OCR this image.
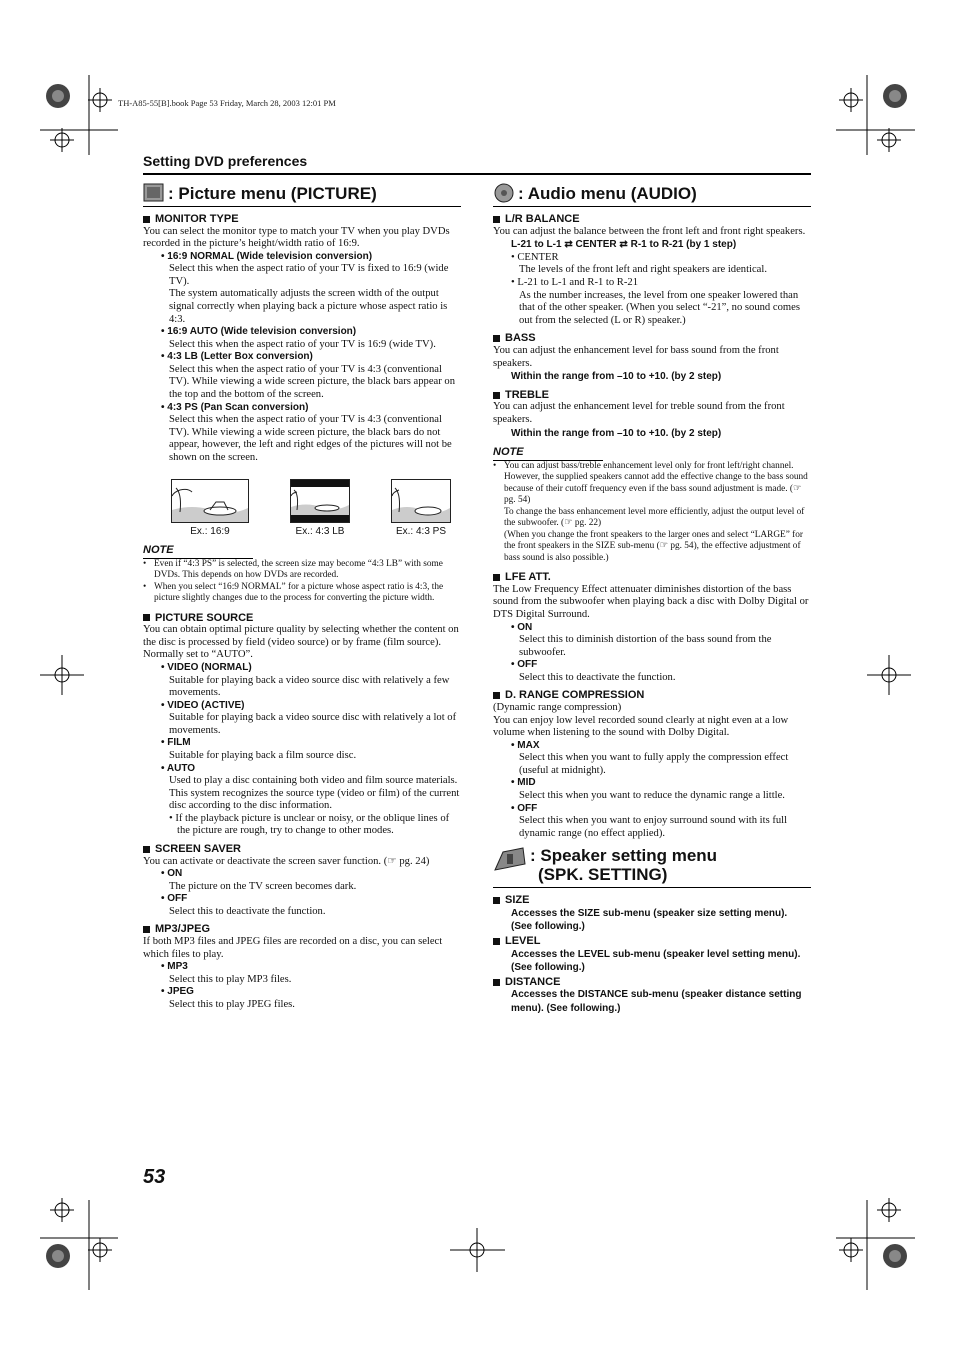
TH-A85-55[B].book Page 53 Friday, March 28, 2003 12:01 PM
Setting DVD preferences
: Picture menu (PICTURE)
MONITOR TYPE

You can select the monitor type to match your TV when you play DVDs recorded in the picture’s height/width ratio of 16:9.

• 16:9 NORMAL (Wide television conversion)
Select this when the aspect ratio of your TV is fixed to 16:9 (wide TV).
The system automatically adjusts the screen width of the output signal correctly when playing back a picture whose aspect ratio is 4:3.
• 16:9 AUTO (Wide television conversion)
Select this when the aspect ratio of your TV is 16:9 (wide TV).
• 4:3 LB (Letter Box conversion)
Select this when the aspect ratio of your TV is 4:3 (conventional TV). While viewing a wide screen picture, the black bars appear on the top and the bottom of the screen.
• 4:3 PS (Pan Scan conversion)
Select this when the aspect ratio of your TV is 4:3 (conventional TV). While viewing a wide screen picture, the black bars do not appear, however, the left and right edges of the pictures will not be shown on the screen.
Ex.: 16:9	Ex.: 4:3 LB	Ex.: 4:3 PS
NOTE
• Even if “4:3 PS” is selected, the screen size may become “4:3 LB” with some DVDs. This depends on how DVDs are recorded.
• When you select “16:9 NORMAL” for a picture whose aspect ratio is 4:3, the picture slightly changes due to the process for converting the picture width.
PICTURE SOURCE

You can obtain optimal picture quality by selecting whether the content on the disc is processed by field (video source) or by frame (film source).

Normally set to “AUTO”.

• VIDEO (NORMAL)
Suitable for playing back a video source disc with relatively a few movements.
• VIDEO (ACTIVE)
Suitable for playing back a video source disc with relatively a lot of movements.
• FILM
Suitable for playing back a film source disc.
• AUTO
Used to play a disc containing both video and film source materials.
This system recognizes the source type (video or film) of the current disc according to the disc information.
• If the playback picture is unclear or noisy, or the oblique lines of the picture are rough, try to change to other modes.
SCREEN SAVER

You can activate or deactivate the screen saver function. (☞ pg. 24)

• ON
The picture on the TV screen becomes dark.
• OFF
Select this to deactivate the function.
MP3/JPEG

If both MP3 files and JPEG files are recorded on a disc, you can select which files to play.

• MP3
Select this to play MP3 files.
• JPEG
Select this to play JPEG files.
: Audio menu (AUDIO)
L/R BALANCE

You can adjust the balance between the front left and front right speakers.

L-21 to L-1 ⇄ CENTER ⇄ R-1 to R-21 (by 1 step)
• CENTER
The levels of the front left and right speakers are identical.
• L-21 to L-1 and R-1 to R-21
As the number increases, the level from one speaker lowered than that of the other speaker. (When you select “-21”, no sound comes out from the selected (L or R) speaker.)
BASS

You can adjust the enhancement level for bass sound from the front speakers.

Within the range from –10 to +10. (by 2 step)
TREBLE

You can adjust the enhancement level for treble sound from the front speakers.

Within the range from –10 to +10. (by 2 step)
NOTE
• You can adjust bass/treble enhancement level only for front left/right channel. However, the supplied speakers cannot add the effective change to the bass sound because of their cutoff frequency even if the bass sound adjustment is made. (☞ pg. 54)
To change the bass enhancement level more efficiently, adjust the output level of the subwoofer. (☞ pg. 22)
(When you change the front speakers to the larger ones and select “LARGE” for the front speakers in the SIZE sub-menu (☞ pg. 54), the effective adjustment of bass sound is also possible.)
LFE ATT.

The Low Frequency Effect attenuater diminishes distortion of the bass sound from the subwoofer when playing back a disc with Dolby Digital or DTS Digital Surround.

• ON
Select this to diminish distortion of the bass sound from the subwoofer.
• OFF
Select this to deactivate the function.
D. RANGE COMPRESSION

(Dynamic range compression)

You can enjoy low level recorded sound clearly at night even at a low volume when listening to the sound with Dolby Digital.

• MAX
Select this when you want to fully apply the compression effect (useful at midnight).
• MID
Select this when you want to reduce the dynamic range a little.
• OFF
Select this when you want to enjoy surround sound with its full dynamic range (no effect applied).
: Speaker setting menu
(SPK. SETTING)
SIZE
Accesses the SIZE sub-menu (speaker size setting menu). (See following.)
LEVEL
Accesses the LEVEL sub-menu (speaker level setting menu). (See following.)
DISTANCE
Accesses the DISTANCE sub-menu (speaker distance setting menu). (See following.)
53
